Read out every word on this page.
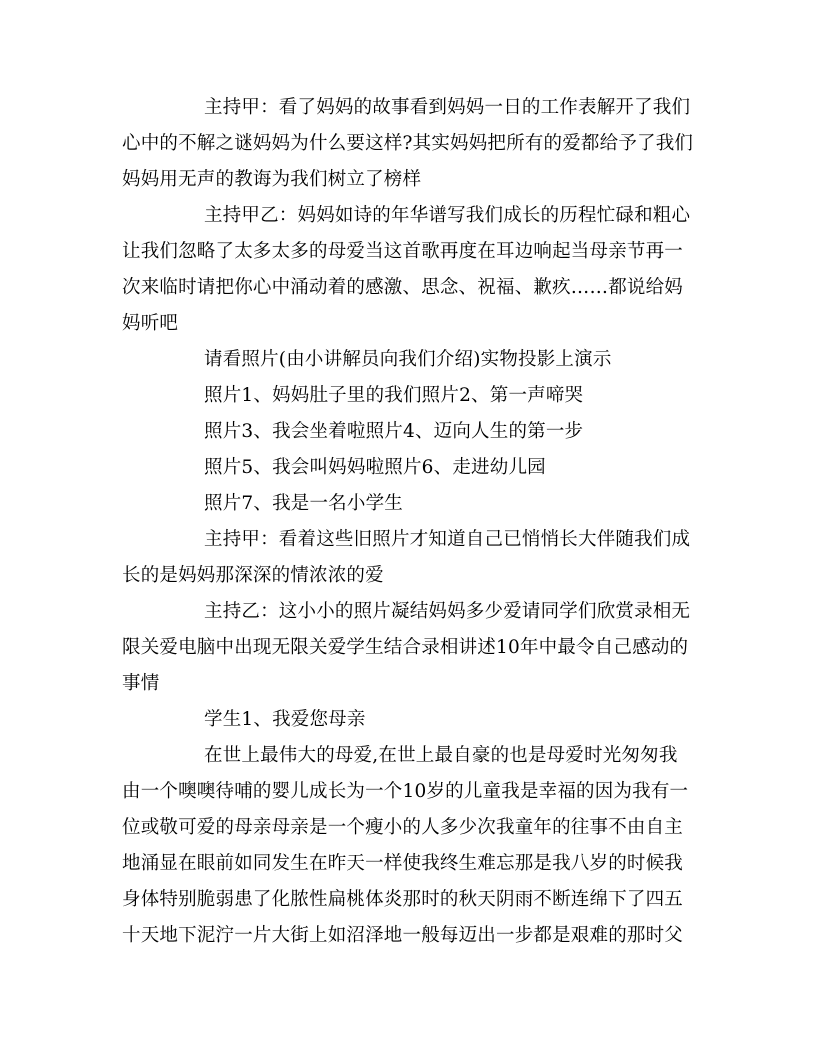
主持甲：看了妈妈的故事看到妈妈一日的工作表解开了我们
心中的不解之谜妈妈为什么要这样?其实妈妈把所有的爱都给予了我们
妈妈用无声的教诲为我们树立了榜样
主持甲乙：妈妈如诗的年华谱写我们成长的历程忙碌和粗心
让我们忽略了太多太多的母爱当这首歌再度在耳边响起当母亲节再一
次来临时请把你心中涌动着的感激、思念、祝福、歉疚……都说给妈
妈听吧
请看照片(由小讲解员向我们介绍)实物投影上演示
照片1、妈妈肚子里的我们照片2、第一声啼哭
照片3、我会坐着啦照片4、迈向人生的第一步
照片5、我会叫妈妈啦照片6、走进幼儿园
照片7、我是一名小学生
主持甲：看着这些旧照片才知道自己已悄悄长大伴随我们成
长的是妈妈那深深的情浓浓的爱
主持乙：这小小的照片凝结妈妈多少爱请同学们欣赏录相无
限关爱电脑中出现无限关爱学生结合录相讲述10年中最令自己感动的
事情
学生1、我爱您母亲
在世上最伟大的母爱,在世上最自豪的也是母爱时光匆匆我
由一个噢噢待哺的婴儿成长为一个10岁的儿童我是幸福的因为我有一
位或敬可爱的母亲母亲是一个瘦小的人多少次我童年的往事不由自主
地涌显在眼前如同发生在昨天一样使我终生难忘那是我八岁的时候我
身体特别脆弱患了化脓性扁桃体炎那时的秋天阴雨不断连绵下了四五
十天地下泥泞一片大街上如沼泽地一般每迈出一步都是艰难的那时父
